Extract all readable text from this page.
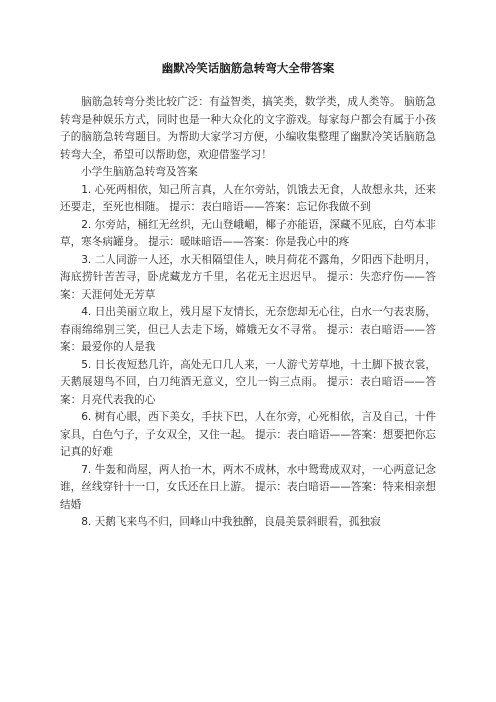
幽默冷笑话脑筋急转弯大全带答案

脑筋急转弯分类比较广泛：有益智类，搞笑类，数学类，成人类等。 脑筋急转弯是种娱乐方式，同时也是一种大众化的文字游戏。每家每户都会有属于小孩子的脑筋急转弯题目。为帮助大家学习方便，小编收集整理了幽默冷笑话脑筋急转弯大全，希望可以帮助您，欢迎借鉴学习！

小学生脑筋急转弯及答案

1. 心死两相依，知己所言真，人在尔旁站，饥饿去无食，人故想永共，还来还要走，至死也相随。 提示：表白暗语——答案：忘记你我做不到

2. 尔旁站，桶红无丝织，无山登峨嵋，椰子亦能语，深藏不见底，白芍本非草，寒冬病罐身。 提示：暖昧暗语——答案：你是我心中的疼

3. 二人同游一人还，水天相隔望佳人，映月荷花不露角，夕阳西下赴明月，海底捞针苦苦寻，卧虎藏龙方千里，名花无主迟迟早。 提示：失恋疗伤——答案：天涯何处无芳草

4. 日出美丽立取上，残月屋下友情长，无奈您却无心往，白水一勺表衷肠，春雨绵绵别三笑，但已人去走下场，嫦娥无女不寻常。 提示：表白暗语——答案：最爱你的人是我

5. 日长夜短愁几许，高处无口几人来，一人游弋芳草地，十土脚下披衣裳，天鹅展翅鸟不回，白刀纯酒无意义，空儿一钩三点雨。 提示：表白暗语——答案：月亮代表我的心

6. 树有心眼，西下美女，手扶下巴，人在尔旁，心死相依，言及自己，十件家具，白色勺子，子女双全，又住一起。 提示：表白暗语——答案：想要把你忘记真的好难

7. 牛轰和尚屋，两人抬一木，两木不成林，水中鸳鸯成双对，一心两意记念谁，丝线穿针十一口，女氏还在日上游。 提示：表白暗语——答案：特来相亲想结婚

8. 天鹅飞来鸟不归，回峰山中我独醉，良晨美景斜眼看，孤独寂
